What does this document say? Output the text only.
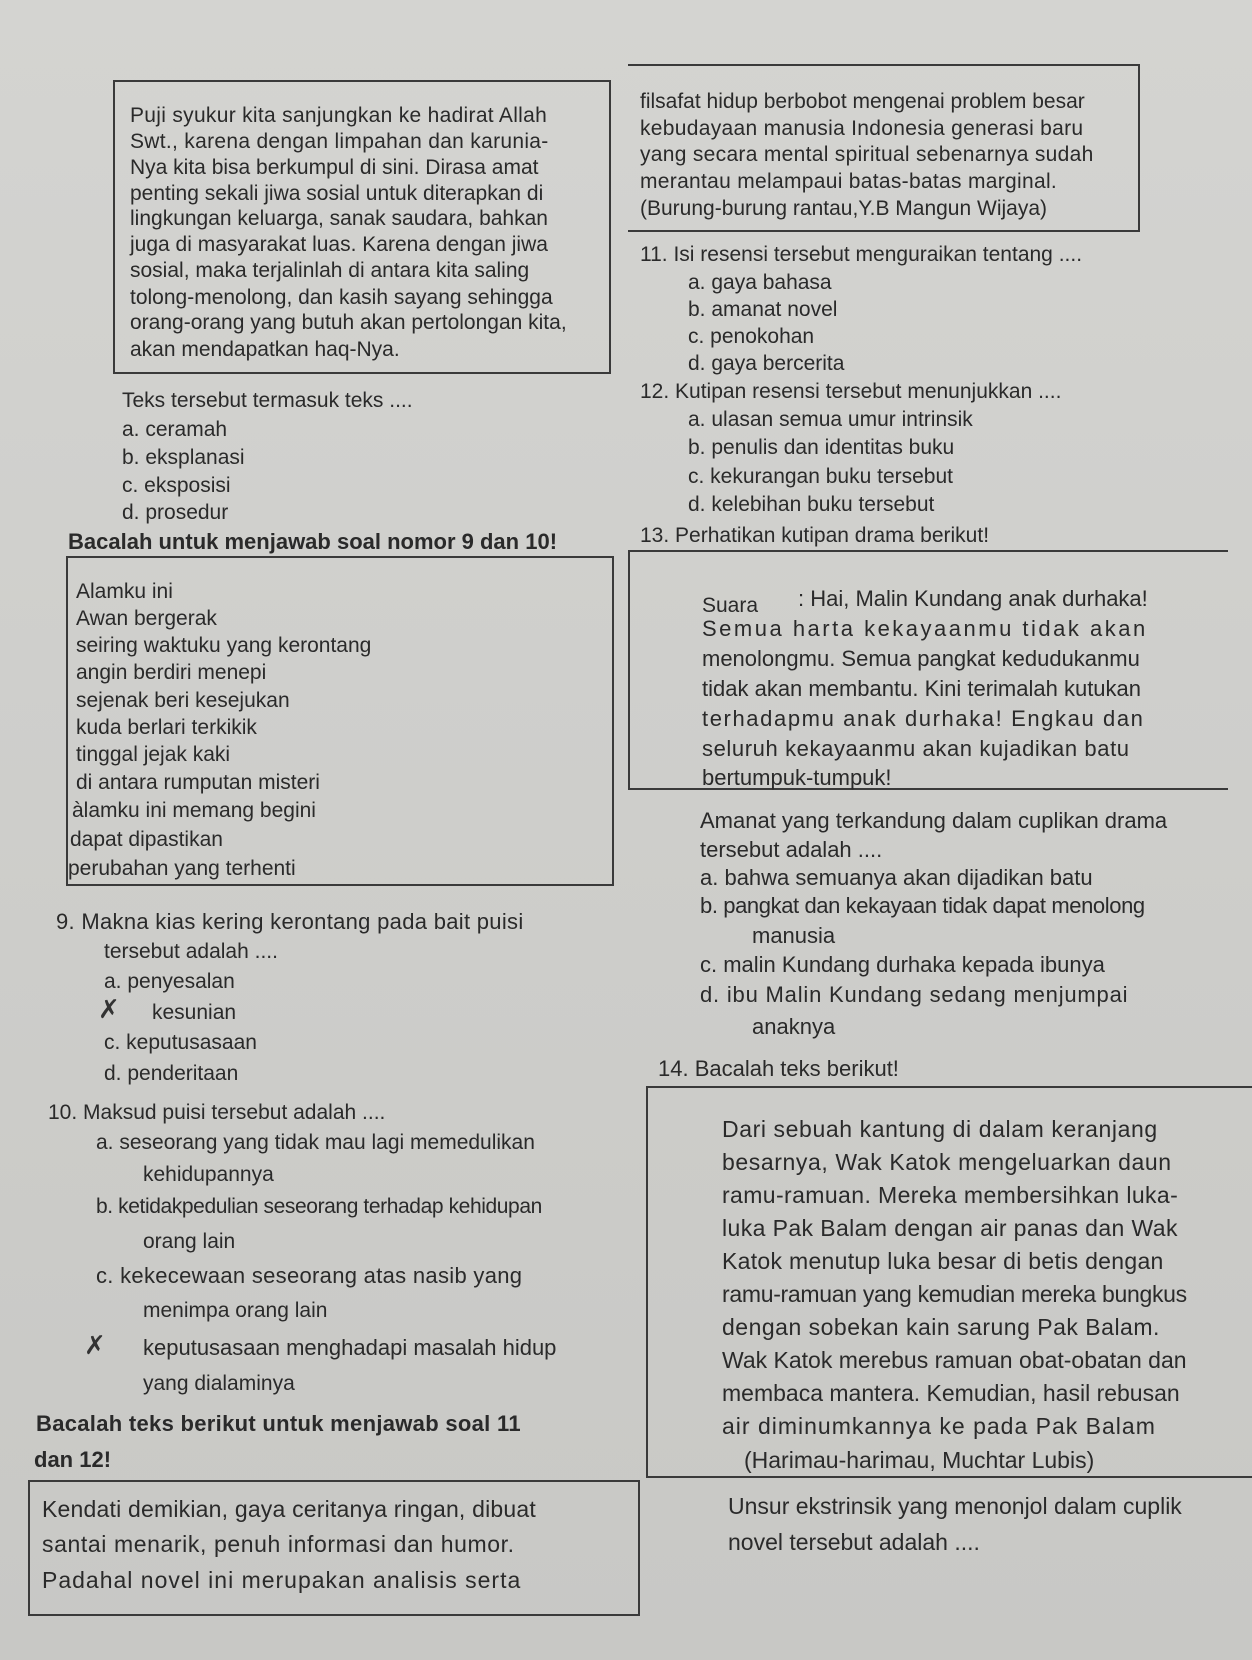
Puji syukur kita sanjungkan ke hadirat Allah
Swt., karena dengan limpahan dan karunia-
Nya kita bisa berkumpul di sini. Dirasa amat
penting sekali jiwa sosial untuk diterapkan di
lingkungan keluarga, sanak saudara, bahkan
juga di masyarakat luas. Karena dengan jiwa
sosial, maka terjalinlah di antara kita saling
tolong-menolong, dan kasih sayang sehingga
orang-orang yang butuh akan pertolongan kita,
akan mendapatkan haq-Nya.
Teks tersebut termasuk teks ....
a. ceramah
b. eksplanasi
c. eksposisi
d. prosedur
Bacalah untuk menjawab soal nomor 9 dan 10!
Alamku ini
Awan bergerak
seiring waktuku yang kerontang
angin berdiri menepi
sejenak beri kesejukan
kuda berlari terkikik
tinggal jejak kaki
di antara rumputan misteri
àlamku ini memang begini
dapat dipastikan
perubahan yang terhenti
9. Makna kias kering kerontang pada bait puisi
tersebut adalah ....
a. penyesalan
✗ kesunian
c. keputusasaan
d. penderitaan
10. Maksud puisi tersebut adalah ....
a. seseorang yang tidak mau lagi memedulikan
kehidupannya
b. ketidakpedulian seseorang terhadap kehidupan
orang lain
c. kekecewaan seseorang atas nasib yang
menimpa orang lain
✗ keputusasaan menghadapi masalah hidup
yang dialaminya
Bacalah teks berikut untuk menjawab soal 11
dan 12!
Kendati demikian, gaya ceritanya ringan, dibuat
santai menarik, penuh informasi dan humor.
Padahal novel ini merupakan analisis serta
filsafat hidup berbobot mengenai problem besar
kebudayaan manusia Indonesia generasi baru
yang secara mental spiritual sebenarnya sudah
merantau melampaui batas-batas marginal.
(Burung-burung rantau,Y.B Mangun Wijaya)
11. Isi resensi tersebut menguraikan tentang ....
a. gaya bahasa
b. amanat novel
c. penokohan
d. gaya bercerita
12. Kutipan resensi tersebut menunjukkan ....
a. ulasan semua umur intrinsik
b. penulis dan identitas buku
c. kekurangan buku tersebut
d. kelebihan buku tersebut
13. Perhatikan kutipan drama berikut!
Suara : Hai, Malin Kundang anak durhaka!
Semua harta kekayaanmu tidak akan
menolongmu. Semua pangkat kedudukanmu
tidak akan membantu. Kini terimalah kutukan
terhadapmu anak durhaka! Engkau dan
seluruh kekayaanmu akan kujadikan batu
bertumpuk-tumpuk!
Amanat yang terkandung dalam cuplikan drama
tersebut adalah ....
a. bahwa semuanya akan dijadikan batu
b. pangkat dan kekayaan tidak dapat menolong
manusia
c. malin Kundang durhaka kepada ibunya
d. ibu Malin Kundang sedang menjumpai
anaknya
14. Bacalah teks berikut!
Dari sebuah kantung di dalam keranjang
besarnya, Wak Katok mengeluarkan daun
ramu-ramuan. Mereka membersihkan luka-
luka Pak Balam dengan air panas dan Wak
Katok menutup luka besar di betis dengan
ramu-ramuan yang kemudian mereka bungkus
dengan sobekan kain sarung Pak Balam.
Wak Katok merebus ramuan obat-obatan dan
membaca mantera. Kemudian, hasil rebusan
air diminumkannya ke pada Pak Balam
(Harimau-harimau, Muchtar Lubis)
Unsur ekstrinsik yang menonjol dalam cuplik
novel tersebut adalah ....
